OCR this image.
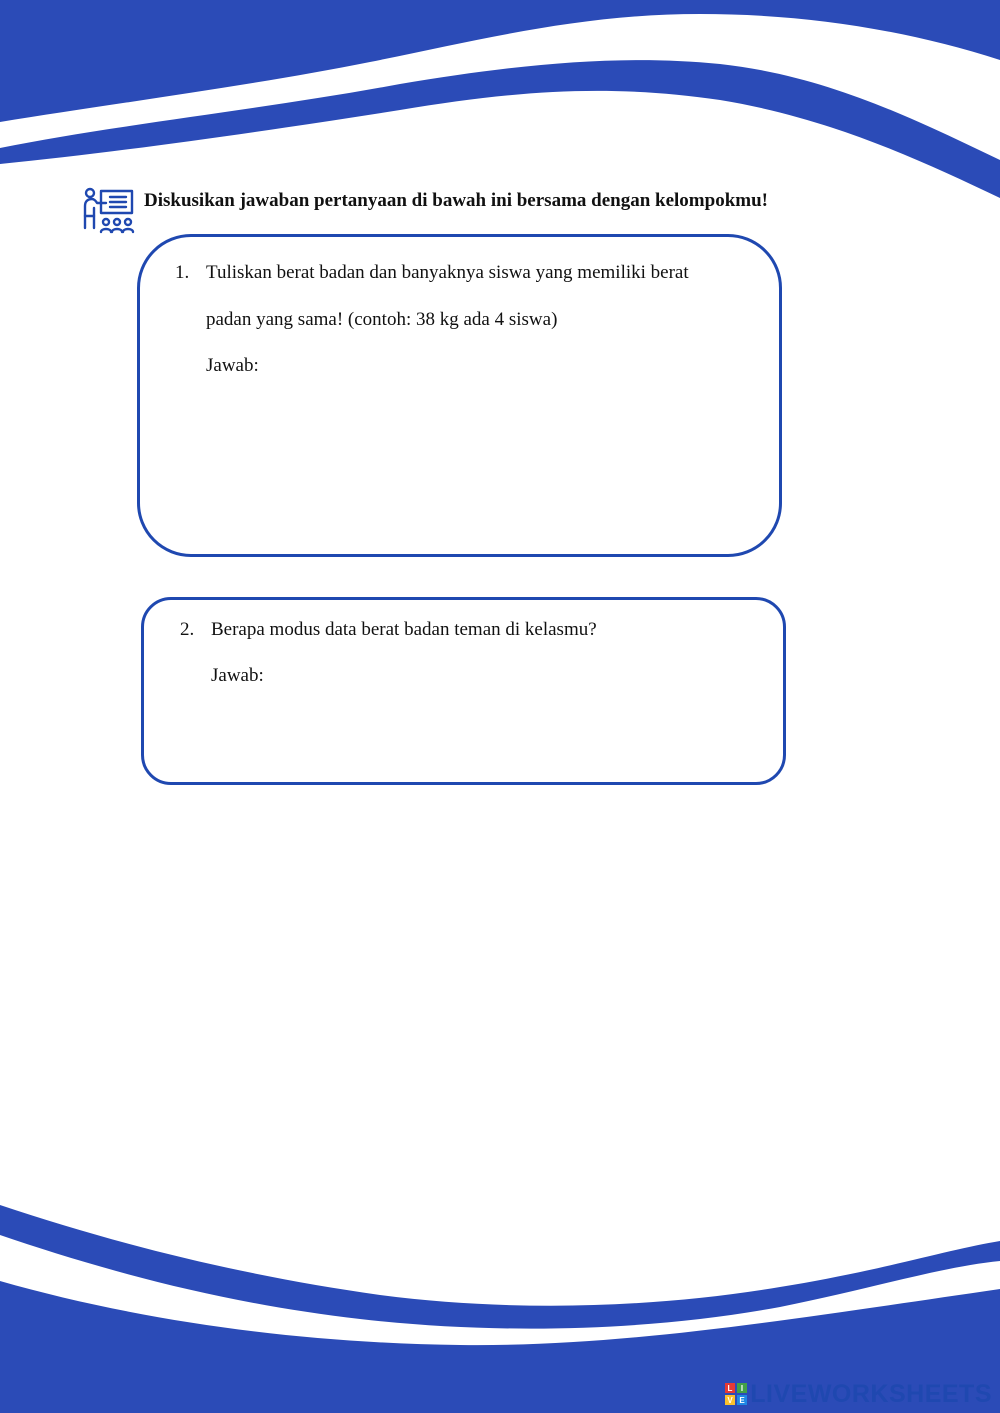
Diskusikan jawaban pertanyaan di bawah ini bersama dengan kelompokmu!
1. Tuliskan berat badan dan banyaknya siswa yang memiliki berat
padan yang sama! (contoh: 38 kg ada 4 siswa)
Jawab:
2. Berapa modus data berat badan teman di kelasmu?
Jawab:
L I
V E LIVEWORKSHEETS
